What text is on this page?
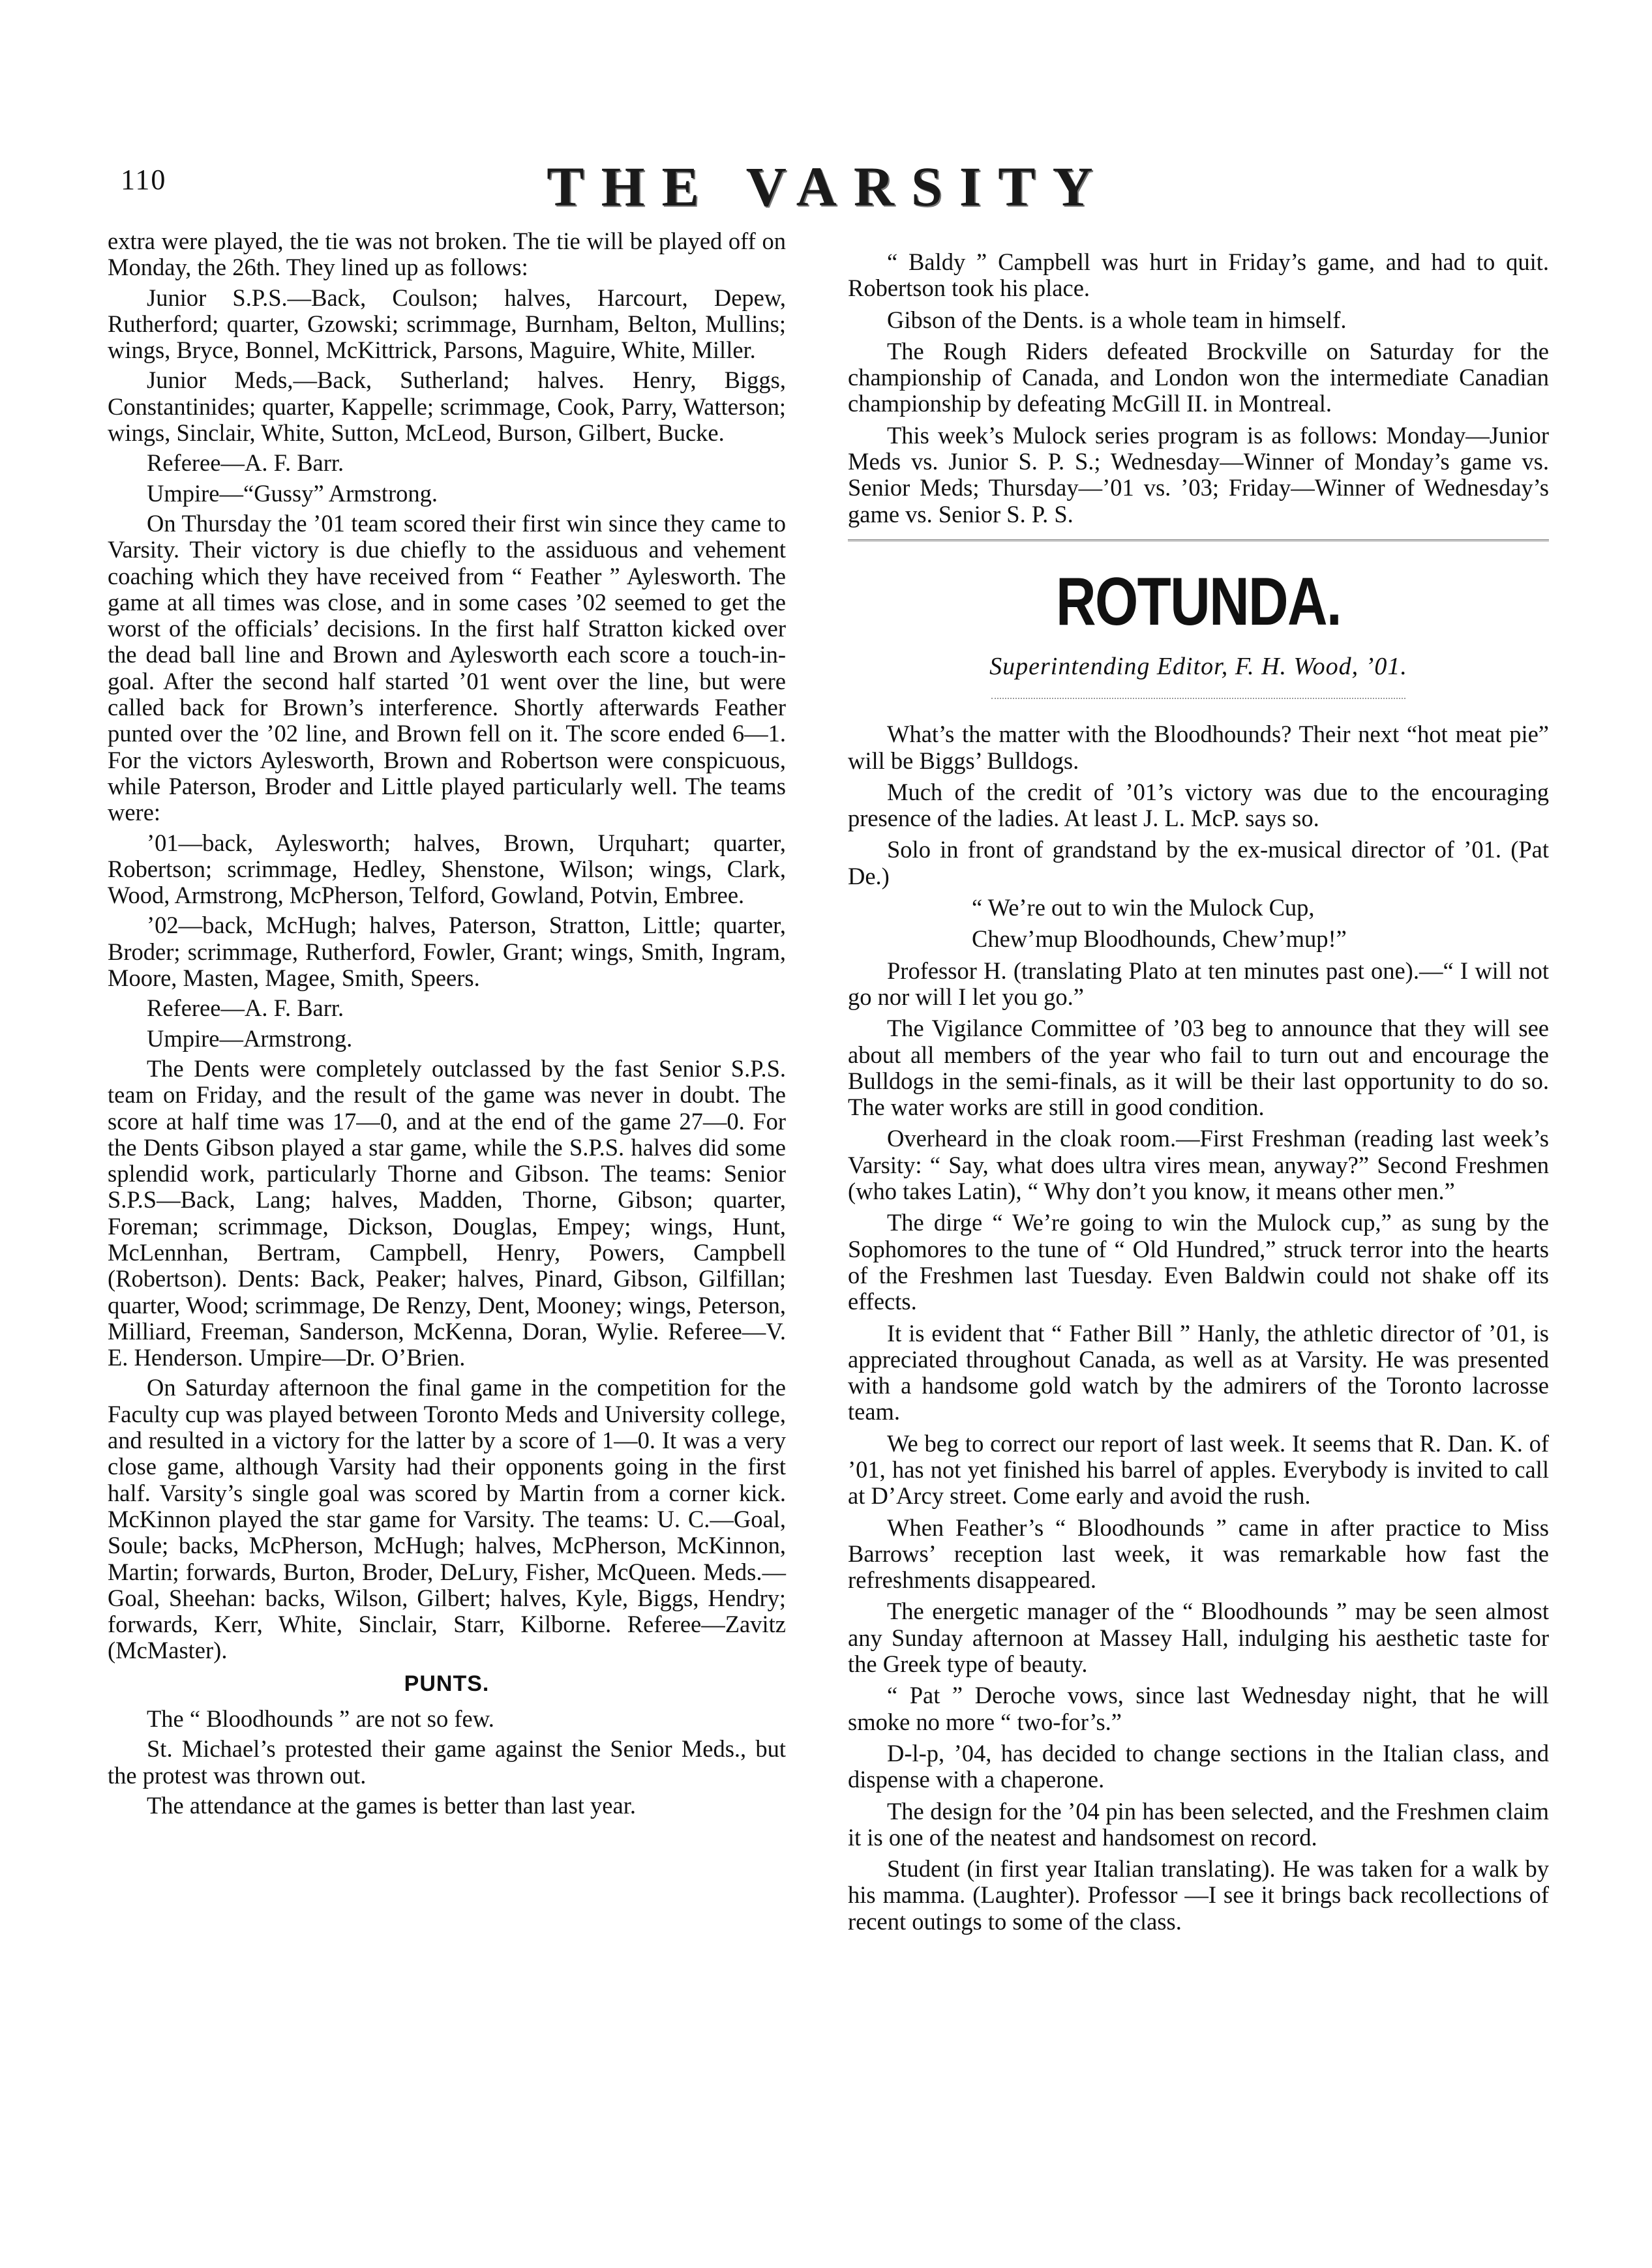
110	THE VARSITY

extra were played, the tie was not broken. The tie will be played off on Monday, the 26th. They lined up as follows:

Junior S.P.S.—Back, Coulson; halves, Harcourt, Depew, Rutherford; quarter, Gzowski; scrimmage, Burnham, Belton, Mullins; wings, Bryce, Bonnel, McKittrick, Parsons, Maguire, White, Miller.

Junior Meds,—Back, Sutherland; halves. Henry, Biggs, Constantinides; quarter, Kappelle; scrimmage, Cook, Parry, Watterson; wings, Sinclair, White, Sutton, McLeod, Burson, Gilbert, Bucke.

Referee—A. F. Barr.

Umpire—“Gussy” Armstrong.

On Thursday the ’01 team scored their first win since they came to Varsity. Their victory is due chiefly to the assiduous and vehement coaching which they have received from “ Feather ” Aylesworth. The game at all times was close, and in some cases ’02 seemed to get the worst of the officials’ decisions. In the first half Stratton kicked over the dead ball line and Brown and Aylesworth each score a touch-in-goal. After the second half started ’01 went over the line, but were called back for Brown’s interference. Shortly afterwards Feather punted over the ’02 line, and Brown fell on it. The score ended 6—1. For the victors Aylesworth, Brown and Robertson were conspicuous, while Paterson, Broder and Little played particularly well. The teams were:

’01—back, Aylesworth; halves, Brown, Urquhart; quarter, Robertson; scrimmage, Hedley, Shenstone, Wilson; wings, Clark, Wood, Armstrong, McPherson, Telford, Gowland, Potvin, Embree.

’02—back, McHugh; halves, Paterson, Stratton, Little; quarter, Broder; scrimmage, Rutherford, Fowler, Grant; wings, Smith, Ingram, Moore, Masten, Magee, Smith, Speers.

Referee—A. F. Barr.

Umpire—Armstrong.

The Dents were completely outclassed by the fast Senior S.P.S. team on Friday, and the result of the game was never in doubt. The score at half time was 17—0, and at the end of the game 27—0. For the Dents Gibson played a star game, while the S.P.S. halves did some splendid work, particularly Thorne and Gibson. The teams: Senior S.P.S—Back, Lang; halves, Madden, Thorne, Gibson; quarter, Foreman; scrimmage, Dickson, Douglas, Empey; wings, Hunt, McLennhan, Bertram, Campbell, Henry, Powers, Campbell (Robertson). Dents: Back, Peaker; halves, Pinard, Gibson, Gilfillan; quarter, Wood; scrimmage, De Renzy, Dent, Mooney; wings, Peterson, Milliard, Freeman, Sanderson, McKenna, Doran, Wylie. Referee—V. E. Henderson. Umpire—Dr. O’Brien.

On Saturday afternoon the final game in the competition for the Faculty cup was played between Toronto Meds and University college, and resulted in a victory for the latter by a score of 1—0. It was a very close game, although Varsity had their opponents going in the first half. Varsity’s single goal was scored by Martin from a corner kick. McKinnon played the star game for Varsity. The teams: U. C.—Goal, Soule; backs, McPherson, McHugh; halves, McPherson, McKinnon, Martin; forwards, Burton, Broder, DeLury, Fisher, McQueen. Meds.—Goal, Sheehan: backs, Wilson, Gilbert; halves, Kyle, Biggs, Hendry; forwards, Kerr, White, Sinclair, Starr, Kilborne. Referee—Zavitz (McMaster).

PUNTS.

The “ Bloodhounds ” are not so few.

St. Michael’s protested their game against the Senior Meds., but the protest was thrown out.

The attendance at the games is better than last year.

“ Baldy ” Campbell was hurt in Friday’s game, and had to quit. Robertson took his place.

Gibson of the Dents. is a whole team in himself.

The Rough Riders defeated Brockville on Saturday for the championship of Canada, and London won the intermediate Canadian championship by defeating McGill II. in Montreal.

This week’s Mulock series program is as follows: Monday—Junior Meds vs. Junior S. P. S.; Wednesday—Winner of Monday’s game vs. Senior Meds; Thursday—’01 vs. ’03; Friday—Winner of Wednesday’s game vs. Senior S. P. S.

ROTUNDA.
Superintending Editor, F. H. Wood, ’01.

What’s the matter with the Bloodhounds? Their next “hot meat pie” will be Biggs’ Bulldogs.

Much of the credit of ’01’s victory was due to the encouraging presence of the ladies. At least J. L. McP. says so.

Solo in front of grandstand by the ex-musical director of ’01. (Pat De.)

“ We’re out to win the Mulock Cup,

Chew’mup Bloodhounds, Chew’mup!”

Professor H. (translating Plato at ten minutes past one).—“ I will not go nor will I let you go.”

The Vigilance Committee of ’03 beg to announce that they will see about all members of the year who fail to turn out and encourage the Bulldogs in the semi-finals, as it will be their last opportunity to do so. The water works are still in good condition.

Overheard in the cloak room.—First Freshman (reading last week’s Varsity: “ Say, what does ultra vires mean, anyway?” Second Freshmen (who takes Latin), “ Why don’t you know, it means other men.”

The dirge “ We’re going to win the Mulock cup,” as sung by the Sophomores to the tune of “ Old Hundred,” struck terror into the hearts of the Freshmen last Tuesday. Even Baldwin could not shake off its effects.

It is evident that “ Father Bill ” Hanly, the athletic director of ’01, is appreciated throughout Canada, as well as at Varsity. He was presented with a handsome gold watch by the admirers of the Toronto lacrosse team.

We beg to correct our report of last week. It seems that R. Dan. K. of ’01, has not yet finished his barrel of apples. Everybody is invited to call at D’Arcy street. Come early and avoid the rush.

When Feather’s “ Bloodhounds ” came in after practice to Miss Barrows’ reception last week, it was remarkable how fast the refreshments disappeared.

The energetic manager of the “ Bloodhounds ” may be seen almost any Sunday afternoon at Massey Hall, indulging his aesthetic taste for the Greek type of beauty.

“ Pat ” Deroche vows, since last Wednesday night, that he will smoke no more “ two-for’s.”

D-l-p, ’04, has decided to change sections in the Italian class, and dispense with a chaperone.

The design for the ’04 pin has been selected, and the Freshmen claim it is one of the neatest and handsomest on record.

Student (in first year Italian translating). He was taken for a walk by his mamma. (Laughter). Professor —I see it brings back recollections of recent outings to some of the class.
